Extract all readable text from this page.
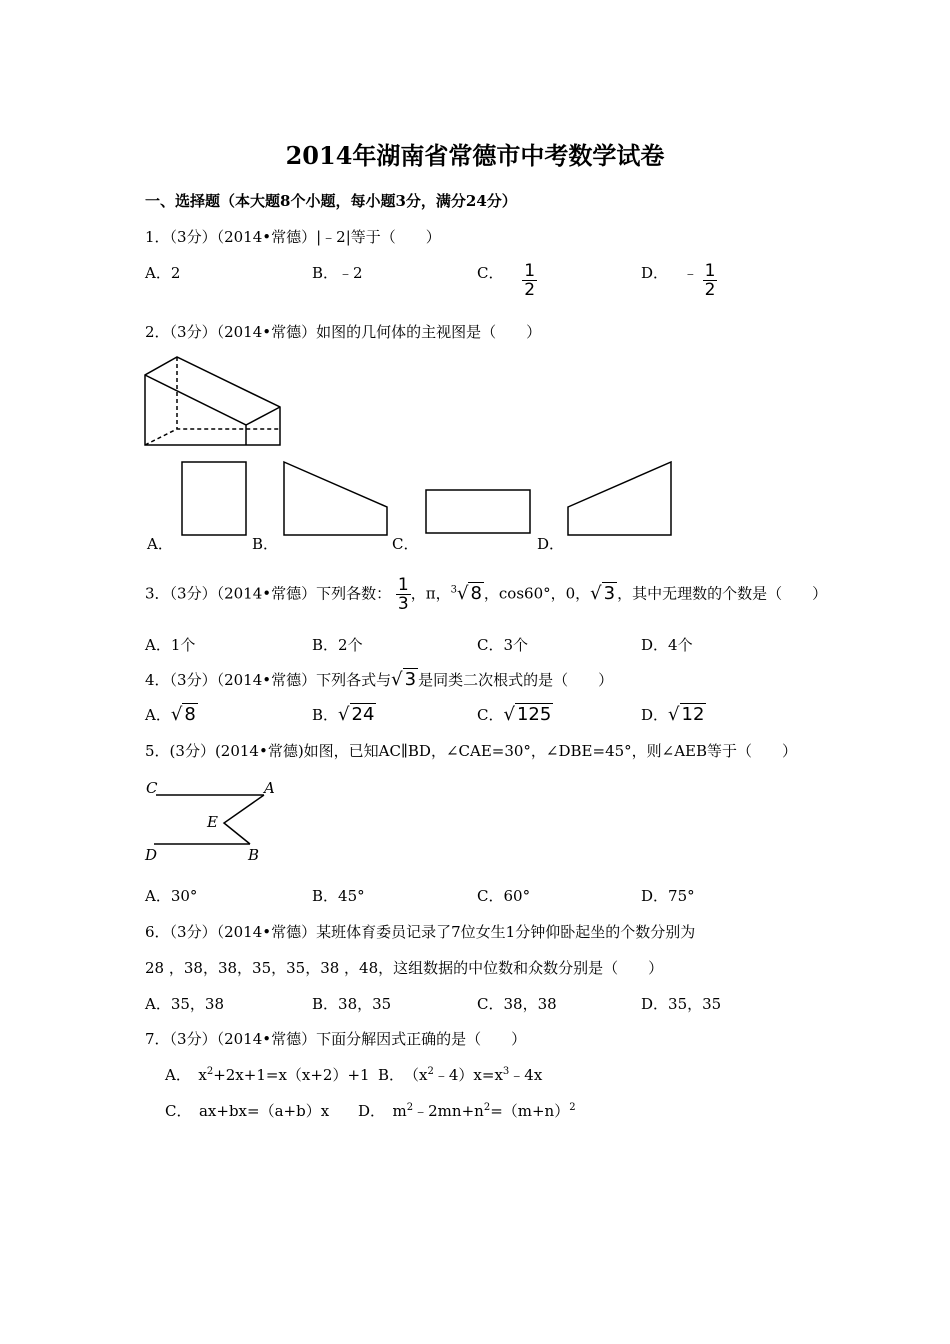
2014年湖南省常德市中考数学试卷
一、选择题（本大题8个小题，每小题3分，满分24分）
1．（3分）（2014•常德）|﹣2|等于（　　）
A．2	B．﹣2	C． $\frac{1}{2}$	D． ﹣ $\frac{1}{2}$
2．（3分）（2014•常德）如图的几何体的主视图是（　　）
A．	B．	C．	D．
3．（3分）（2014•常德）下列各数： $\frac{1}{3}$ ，π，$^3$√ 8 ，cos60°，0，√ 3 ，其中无理数的个数是（　　）
A．1个	B．2个	C．3个	D．4个
4．（3分）（2014•常德）下列各式与√ 3 是同类二次根式的是（　　）
A．√ 8	B．√ 24	C．√ 125	D．√ 12
5．(3分）(2014•常德)如图，已知AC∥BD，∠CAE=30°，∠DBE=45°，则∠AEB等于（　　）
C	A
E
D	B
A．30°	B．45°	C．60°	D．75°
6．（3分）（2014•常德）某班体育委员记录了7位女生1分钟仰卧起坐的个数分别为
28 ，38，38，35，35，38 ，48，这组数据的中位数和众数分别是（　　）
A．35，38	B．38，35	C．38，38	D．35，35
7．（3分）（2014•常德）下面分解因式正确的是（　　）
A．　$x^2+2x+1=x(x+2)+1$ B．　$(x^2﹣4)x=x^3﹣4x$
C．　ax+bx=（a+b）x D．　$m^2﹣2mn+n^2=(m+n)^2$
